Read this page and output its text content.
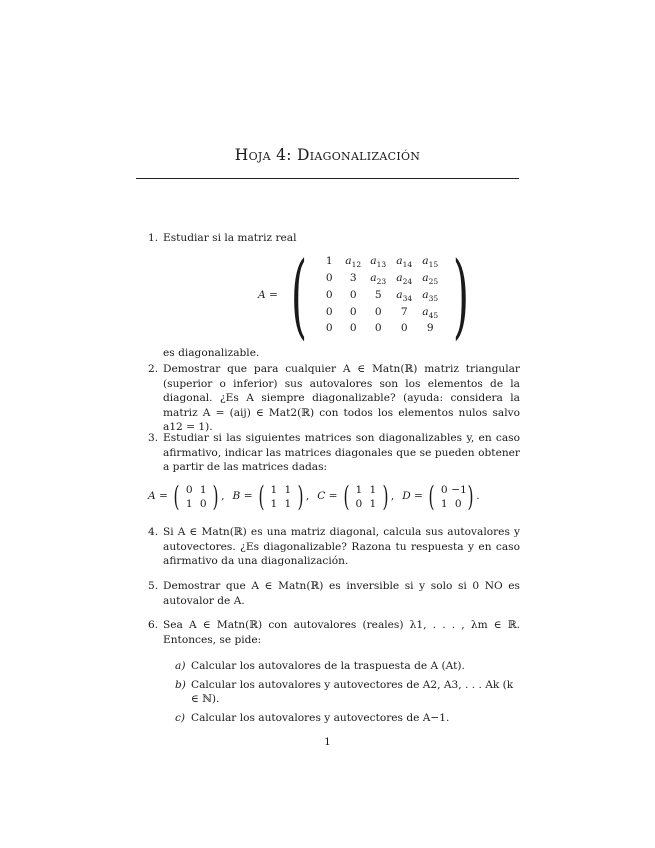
Hoja 4: Diagonalización
1. Estudiar si la matriz real
A = (	1	$a_{12}$ $a_{13}$ $a_{14}$ $a_{15}$
0	3	$a_{23}$ $a_{24}$ $a_{25}$
0	0	5	$a_{34}$ $a_{35}$
0	0	0	7	$a_{45}$
0	0	0	0	9 )
es diagonalizable.
2. Demostrar que para cualquier A ∈ Matn(ℝ) matriz triangular (superior o inferior) sus autovalores son los elementos de la diagonal. ¿Es A siempre diagonalizable? (ayuda: considera la matriz A = (aij) ∈ Mat2(ℝ) con todos los elementos nulos salvo a12 = 1).
3. Estudiar si las siguientes matrices son diagonalizables y, en caso afirmativo, indicar las matrices diagonales que se pueden obtener a partir de las matrices dadas:
A = ( 0 1
1 0 ) , B = ( 1 1
1 1 ) , C = ( 1 1
0 1 ) , D = ( 0 −1
1 0 ) .
4. Si A ∈ Matn(ℝ) es una matriz diagonal, calcula sus autovalores y autovectores. ¿Es diagonalizable? Razona tu respuesta y en caso afirmativo da una diagonalización.
5. Demostrar que A ∈ Matn(ℝ) es inversible si y solo si 0 NO es autovalor de A.
6. Sea A ∈ Matn(ℝ) con autovalores (reales) λ1, . . . , λm ∈ ℝ. Entonces, se pide:
a) Calcular los autovalores de la traspuesta de A (At).
b) Calcular los autovalores y autovectores de A2, A3, . . . Ak (k ∈ ℕ).
c) Calcular los autovalores y autovectores de A−1.
1
